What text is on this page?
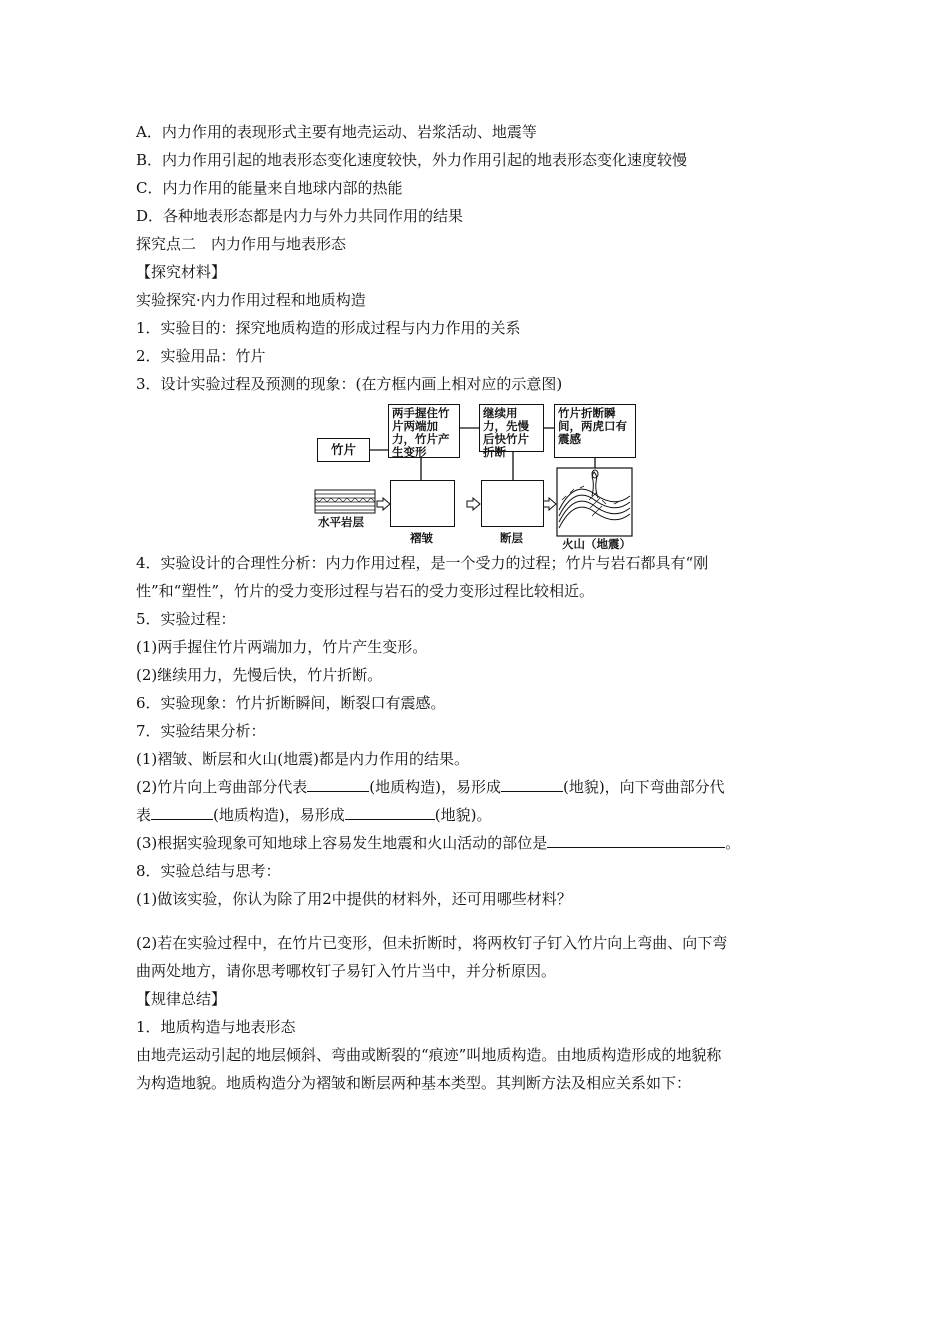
A．内力作用的表现形式主要有地壳运动、岩浆活动、地震等
B．内力作用引起的地表形态变化速度较快，外力作用引起的地表形态变化速度较慢
C．内力作用的能量来自地球内部的热能
D．各种地表形态都是内力与外力共同作用的结果
探究点二　内力作用与地表形态
【探究材料】
实验探究·内力作用过程和地质构造
1．实验目的：探究地质构造的形成过程与内力作用的关系
2．实验用品：竹片
3．设计实验过程及预测的现象：(在方框内画上相对应的示意图)
竹片
两手握住竹片两端加力，竹片产生变形
继续用力，先慢后快竹片折断
竹片折断瞬间，两虎口有震感
水平岩层
褶皱	断层	火山（地震）
4．实验设计的合理性分析：内力作用过程，是一个受力的过程；竹片与岩石都具有“刚
性”和“塑性”，竹片的受力变形过程与岩石的受力变形过程比较相近。
5．实验过程：
(1)两手握住竹片两端加力，竹片产生变形。
(2)继续用力，先慢后快，竹片折断。
6．实验现象：竹片折断瞬间，断裂口有震感。
7．实验结果分析：
(1)褶皱、断层和火山(地震)都是内力作用的结果。
(2)竹片向上弯曲部分代表	(地质构造)，易形成	(地貌)，向下弯曲部分代
表	(地质构造)，易形成	(地貌)。
(3)根据实验现象可知地球上容易发生地震和火山活动的部位是	。
8．实验总结与思考：
(1)做该实验，你认为除了用2中提供的材料外，还可用哪些材料？
(2)若在实验过程中，在竹片已变形，但未折断时，将两枚钉子钉入竹片向上弯曲、向下弯
曲两处地方，请你思考哪枚钉子易钉入竹片当中，并分析原因。
【规律总结】
1．地质构造与地表形态
由地壳运动引起的地层倾斜、弯曲或断裂的“痕迹”叫地质构造。由地质构造形成的地貌称
为构造地貌。地质构造分为褶皱和断层两种基本类型。其判断方法及相应关系如下：
